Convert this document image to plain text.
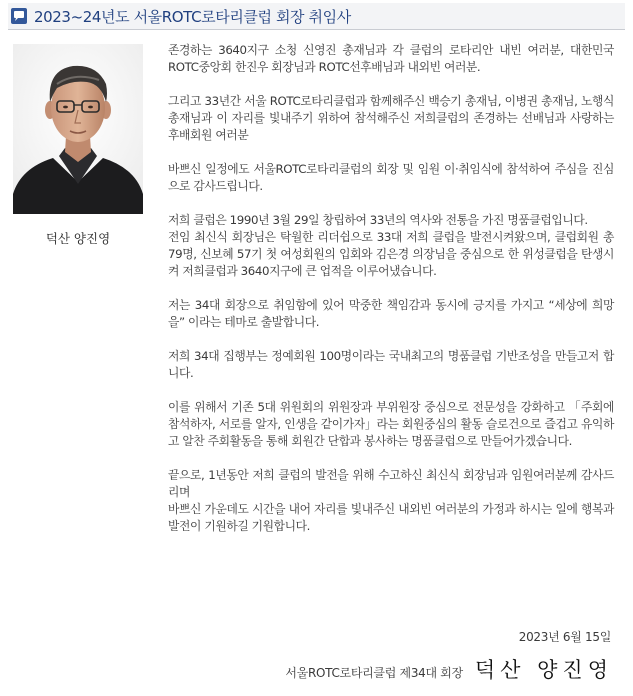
2023~24년도 서울ROTC로타리클럽 회장 취임사
덕산 양진영

존경하는 3640지구 소청 신영진 총재님과 각 클럽의 로타리안 내빈 여러분, 대한민국 ROTC중앙회 한진우 회장님과 ROTC선후배님과 내외빈 여러분.

그리고 33년간 서울 ROTC로타리클럽과 함께해주신 백승기 총재님, 이병권 총재님, 노행식 총재님과 이 자리를 빛내주기 위하여 참석해주신 저희클럽의 존경하는 선배님과 사랑하는 후배회원 여러분

바쁘신 일정에도 서울ROTC로타리클럽의 회장 및 임원 이·취임식에 참석하여 주심을 진심으로 감사드립니다.

저희 클럽은 1990년 3월 29일 창립하여 33년의 역사와 전통을 가진 명품클럽입니다.
전임 최신식 회장님은 탁월한 리더쉽으로 33대 저희 클럽을 발전시켜왔으며, 클럽회원 총 79명, 신보혜 57기 첫 여성회원의 입회와 김은경 의장님을 중심으로 한 위성클럽을 탄생시켜 저희클럽과 3640지구에 큰 업적을 이루어냈습니다.

저는 34대 회장으로 취임함에 있어 막중한 책임감과 동시에 긍지를 가지고 “세상에 희망을” 이라는 테마로 출발합니다.

저희 34대 집행부는 정예회원 100명이라는 국내최고의 명품클럽 기반조성을 만들고저 합니다.

이를 위해서 기존 5대 위원회의 위원장과 부위원장 중심으로 전문성을 강화하고 「주회에 참석하자, 서로를 알자, 인생을 같이가자」라는 회원중심의 활동 슬로건으로 즐겁고 유익하고 알찬 주회활동을 통해 회원간 단합과 봉사하는 명품클럽으로 만들어가겠습니다.

끝으로, 1년동안 저희 클럽의 발전을 위해 수고하신 최신식 회장님과 임원여러분께 감사드리며
바쁘신 가운데도 시간을 내어 자리를 빛내주신 내외빈 여러분의 가정과 하시는 일에 행복과 발전이 기원하길 기원합니다.

2023년 6월 15일
서울ROTC로타리클럽 제34대 회장 덕산 양진영
